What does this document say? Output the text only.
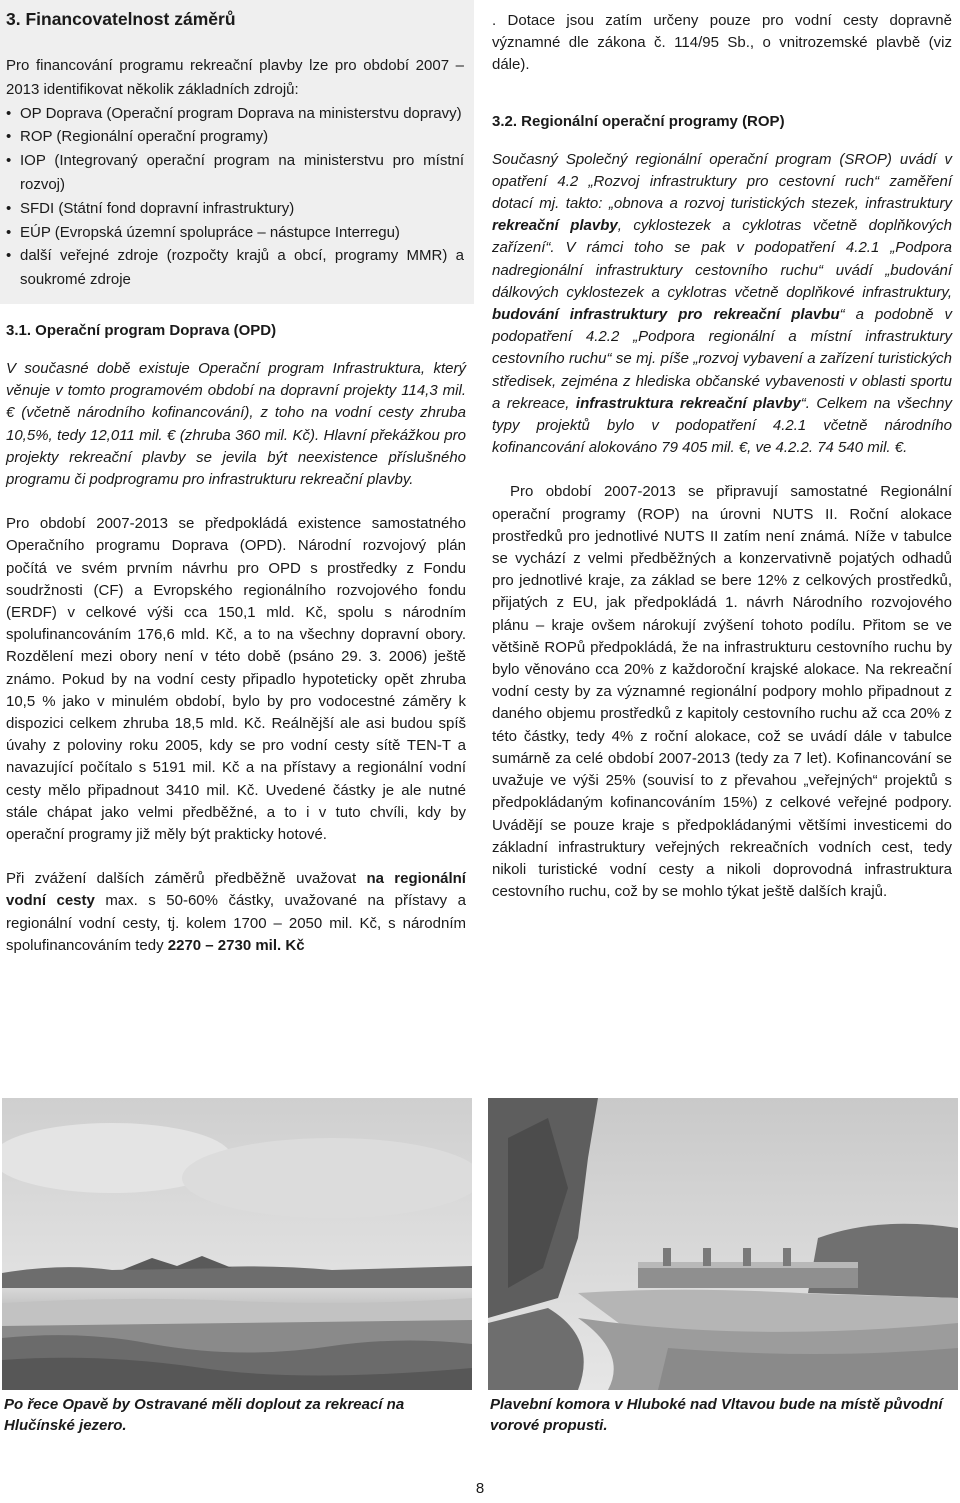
3. Financovatelnost záměrů

Pro financování programu rekreační plavby lze pro období 2007 – 2013 identifikovat několik základních zdrojů:

• OP Doprava (Operační program Doprava na ministerstvu dopravy)
• ROP (Regionální operační programy)
• IOP (Integrovaný operační program na ministerstvu pro místní rozvoj)
• SFDI (Státní fond dopravní infrastruktury)
• EÚP (Evropská územní spolupráce – nástupce Interregu)
• další veřejné zdroje (rozpočty krajů a obcí, programy MMR) a soukromé zdroje
3.1. Operační program Doprava (OPD)

V současné době existuje Operační program Infrastruktura, který věnuje v tomto programovém období na dopravní projekty 114,3 mil. € (včetně národního kofinancování), z toho na vodní cesty zhruba 10,5%, tedy 12,011 mil. € (zhruba 360 mil. Kč). Hlavní překážkou pro projekty rekreační plavby se jevila být neexistence příslušného programu či podprogramu pro infrastrukturu rekreační plavby.

Pro období 2007-2013 se předpokládá existence samostatného Operačního programu Doprava (OPD). Národní rozvojový plán počítá ve svém prvním návrhu pro OPD s prostředky z Fondu soudržnosti (CF) a Evropského regionálního rozvojového fondu (ERDF) v celkové výši cca 150,1 mld. Kč, spolu s národním spolufinancováním 176,6 mld. Kč, a to na všechny dopravní obory. Rozdělení mezi obory není v této době (psáno 29. 3. 2006) ještě známo. Pokud by na vodní cesty připadlo hypoteticky opět zhruba 10,5 % jako v minulém období, bylo by pro vodocestné záměry k dispozici celkem zhruba 18,5 mld. Kč. Reálnější ale asi budou spíš úvahy z poloviny roku 2005, kdy se pro vodní cesty sítě TEN-T a navazující počítalo s 5191 mil. Kč a na přístavy a regionální vodní cesty mělo připadnout 3410 mil. Kč. Uvedené částky je ale nutné stále chápat jako velmi předběžné, a to i v tuto chvíli, kdy by operační programy již měly být prakticky hotové.

Při zvážení dalších záměrů předběžně uvažovat na regionální vodní cesty max. s 50-60% částky, uvažované na přístavy a regionální vodní cesty, tj. kolem 1700 – 2050 mil. Kč, s národním spolufinancováním tedy 2270 – 2730 mil. Kč

. Dotace jsou zatím určeny pouze pro vodní cesty dopravně významné dle zákona č. 114/95 Sb., o vnitrozemské plavbě (viz dále).

3.2. Regionální operační programy (ROP)

Současný Společný regionální operační program (SROP) uvádí v opatření 4.2 „Rozvoj infrastruktury pro cestovní ruch“ zaměření dotací mj. takto: „obnova a rozvoj turistických stezek, infrastruktury rekreační plavby, cyklostezek a cyklotras včetně doplňkových zařízení“. V rámci toho se pak v podopatření 4.2.1 „Podpora nadregionální infrastruktury cestovního ruchu“ uvádí „budování dálkových cyklostezek a cyklotras včetně doplňkové infrastruktury, budování infrastruktury pro rekreační plavbu“ a podobně v podopatření 4.2.2 „Podpora regionální a místní infrastruktury cestovního ruchu“ se mj. píše „rozvoj vybavení a zařízení turistických středisek, zejména z hlediska občanské vybavenosti v oblasti sportu a rekreace, infrastruktura rekreační plavby“. Celkem na všechny typy projektů bylo v podopatření 4.2.1 včetně národního kofinancování alokováno 79 405 mil. €, ve 4.2.2. 74 540 mil. €.

Pro období 2007-2013 se připravují samostatné Regionální operační programy (ROP) na úrovni NUTS II. Roční alokace prostředků pro jednotlivé NUTS II zatím není známá. Níže v tabulce se vychází z velmi předběžných a konzervativně pojatých odhadů pro jednotlivé kraje, za základ se bere 12% z celkových prostředků, přijatých z EU, jak předpokládá 1. návrh Národního rozvojového plánu – kraje ovšem nárokují zvýšení tohoto podílu. Přitom se ve většině ROPů předpokládá, že na infrastrukturu cestovního ruchu by bylo věnováno cca 20% z každoroční krajské alokace. Na rekreační vodní cesty by za významné regionální podpory mohlo připadnout z daného objemu prostředků z kapitoly cestovního ruchu až cca 20% z této částky, tedy 4% z roční alokace, což se uvádí dále v tabulce sumárně za celé období 2007-2013 (tedy za 7 let). Kofinancování se uvažuje ve výši 25% (souvisí to z převahou „veřejných“ projektů s předpokládaným kofinancováním 15%) z celkové veřejné podpory. Uvádějí se pouze kraje s předpokládanými většími investicemi do základní infrastruktury veřejných rekreačních vodních cest, tedy nikoli turistické vodní cesty a nikoli doprovodná infrastruktura cestovního ruchu, což by se mohlo týkat ještě dalších krajů.

Po řece Opavě by Ostravané měli doplout za rekreací na Hlučínské jezero.
Plavební komora v Hluboké nad Vltavou bude na místě původní vorové propusti.
8
